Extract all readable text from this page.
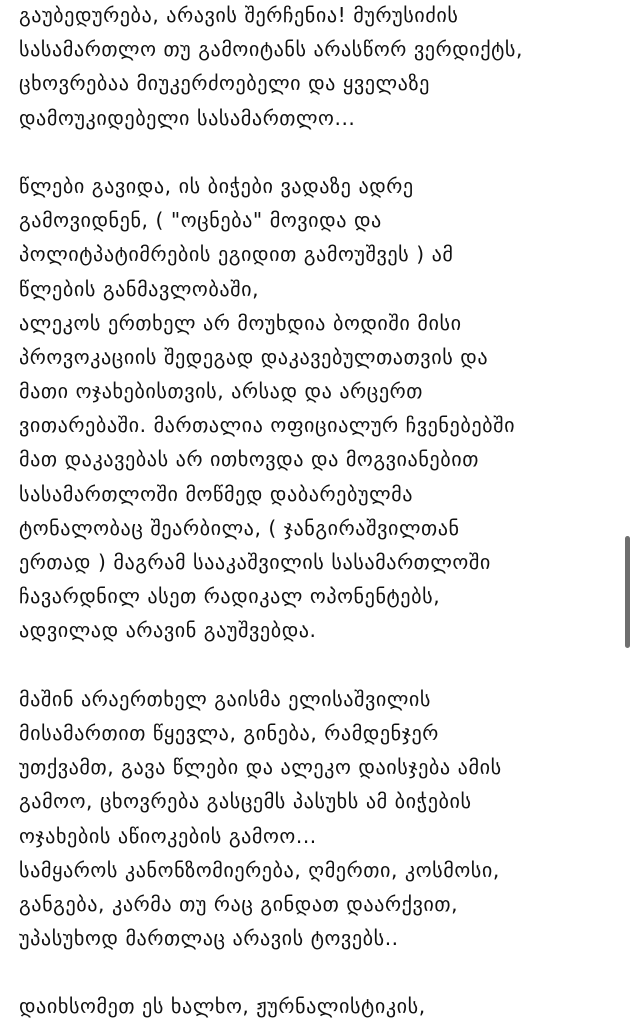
გაუბედურება, არავის შერჩენია! მურუსიძის
სასამართლო თუ გამოიტანს არასწორ ვერდიქტს,
ცხოვრებაა მიუკერძოებელი და ყველაზე
დამოუკიდებელი სასამართლო...
წლები გავიდა, ის ბიჭები ვადაზე ადრე
გამოვიდნენ, ( "ოცნება" მოვიდა და
პოლიტპატიმრების ეგიდით გამოუშვეს ) ამ
წლების განმავლობაში,
ალეკოს ერთხელ არ მოუხდია ბოდიში მისი
პროვოკაციის შედეგად დაკავებულთათვის და
მათი ოჯახებისთვის, არსად და არცერთ
ვითარებაში. მართალია ოფიციალურ ჩვენებებში
მათ დაკავებას არ ითხოვდა და მოგვიანებით
სასამართლოში მოწმედ დაბარებულმა
ტონალობაც შეარბილა, ( ჯანგირაშვილთან
ერთად ) მაგრამ სააკაშვილის სასამართლოში
ჩავარდნილ ასეთ რადიკალ ოპონენტებს,
ადვილად არავინ გაუშვებდა.
მაშინ არაერთხელ გაისმა ელისაშვილის
მისამართით წყევლა, გინება, რამდენჯერ
უთქვამთ, გავა წლები და ალეკო დაისჯება ამის
გამოო, ცხოვრება გასცემს პასუხს ამ ბიჭების
ოჯახების აწიოკების გამოო...
სამყაროს კანონზომიერება, ღმერთი, კოსმოსი,
განგება, კარმა თუ რაც გინდათ დაარქვით,
უპასუხოდ მართლაც არავის ტოვებს..
დაიხსომეთ ეს ხალხო, ჟურნალისტიკის,
